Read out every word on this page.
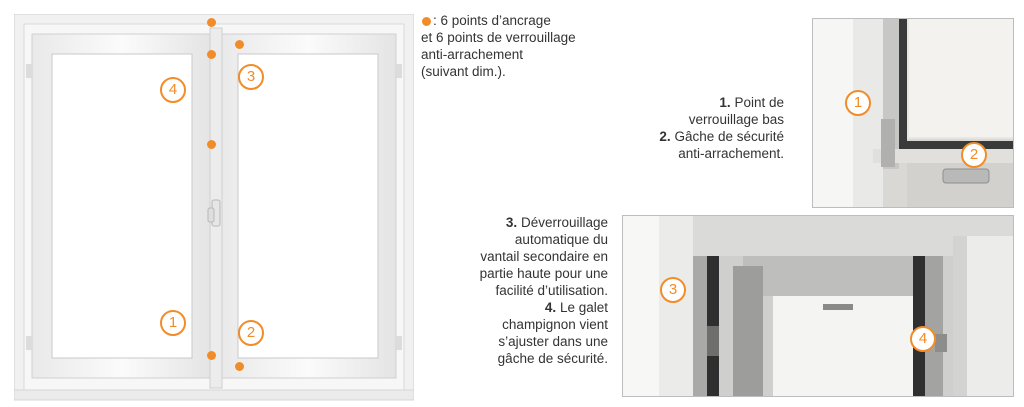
4
3
1
2
: 6 points d’ancrage
et 6 points de verrouillage
anti-arrachement
(suivant dim.).
1. Point de
verrouillage bas
2. Gâche de sécurité
anti-arrachement.
1
2
3. Déverrouillage
automatique du
vantail secondaire en
partie haute pour une
facilité d’utilisation.
4. Le galet
champignon vient
s’ajuster dans une
gâche de sécurité.
3
4
